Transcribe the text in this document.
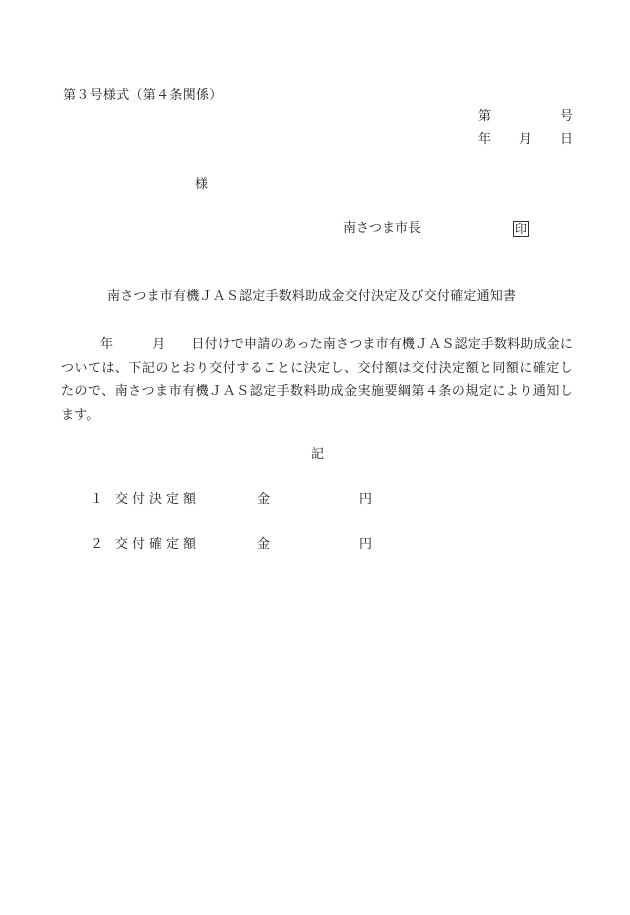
第３号様式（第４条関係）
第	号
年 月 日
様
南さつま市長	印
南さつま市有機ＪＡＳ認定手数料助成金交付決定及び交付確定通知書
年	月 日付けで申請のあった南さつま市有機ＪＡＳ認定手数料助成金については、下記のとおり交付することに決定し、交付額は交付決定額と同額に確定したので、南さつま市有機ＪＡＳ認定手数料助成金実施要綱第４条の規定により通知します。
記
１ 交付決定額	金	円
２ 交付確定額	金	円
